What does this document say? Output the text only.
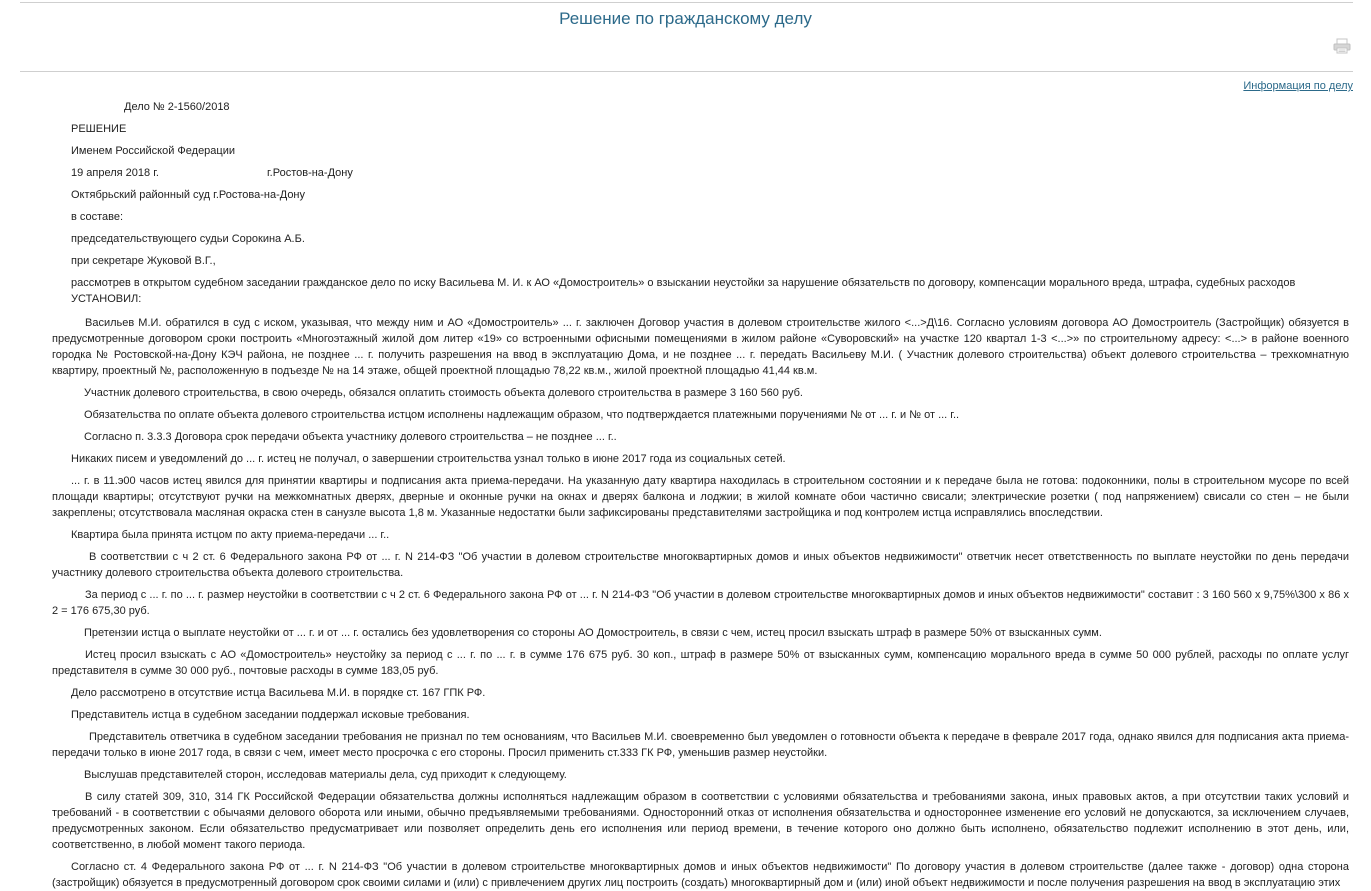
Решение по гражданскому делу
Информация по делу

Дело № 2-1560/2018

РЕШЕНИЕ

Именем Российской Федерации

19 апреля 2018 г.	г.Ростов-на-Дону

Октябрьский районный суд г.Ростова-на-Дону

в составе:

председательствующего судьи Сорокина А.Б.

при секретаре Жуковой В.Г.,

рассмотрев в открытом судебном заседании гражданское дело по иску Васильева М. И. к АО «Домостроитель» о взыскании неустойки за нарушение обязательств по договору, компенсации морального вреда, штрафа, судебных расходов

УСТАНОВИЛ:

Васильев М.И. обратился в суд с иском, указывая, что между ним и АО «Домостроитель» ... г. заключен Договор участия в долевом строительстве жилого <...>Д\16. Согласно условиям договора АО Домостроитель (Застройщик) обязуется в предусмотренные договором сроки построить «Многоэтажный жилой дом литер «19» со встроенными офисными помещениями в жилом районе «Суворовский» на участке 120 квартал 1-3 <...>» по строительному адресу: <...> в районе военного городка № Ростовской-на-Дону КЭЧ района, не позднее ... г. получить разрешения на ввод в эксплуатацию Дома, и не позднее ... г. передать Васильеву М.И. ( Участник долевого строительства) объект долевого строительства – трехкомнатную квартиру, проектный №, расположенную в подъезде № на 14 этаже, общей проектной площадью 78,22 кв.м., жилой проектной площадью 41,44 кв.м.

Участник долевого строительства, в свою очередь, обязался оплатить стоимость объекта долевого строительства в размере 3 160 560 руб.

Обязательства по оплате объекта долевого строительства истцом исполнены надлежащим образом, что подтверждается платежными поручениями № от ... г. и № от ... г..

Согласно п. 3.3.3 Договора срок передачи объекта участнику долевого строительства – не позднее ... г..

Никаких писем и уведомлений до ... г. истец не получал, о завершении строительства узнал только в июне 2017 года из социальных сетей.

... г. в 11.э00 часов истец явился для принятии квартиры и подписания акта приема-передачи. На указанную дату квартира находилась в строительном состоянии и к передаче была не готова: подоконники, полы в строительном мусоре по всей площади квартиры; отсутствуют ручки на межкомнатных дверях, дверные и оконные ручки на окнах и дверях балкона и лоджии; в жилой комнате обои частично свисали; электрические розетки ( под напряжением) свисали со стен – не были закреплены; отсутствовала масляная окраска стен в санузле высота 1,8 м. Указанные недостатки были зафиксированы представителями застройщика и под контролем истца исправлялись впоследствии.

Квартира была принята истцом по акту приема-передачи ... г..

В соответствии с ч 2 ст. 6 Федерального закона РФ от ... г. N 214-ФЗ "Об участии в долевом строительстве многоквартирных домов и иных объектов недвижимости" ответчик несет ответственность по выплате неустойки по день передачи участнику долевого строительства объекта долевого строительства.

За период с ... г. по ... г. размер неустойки в соответствии с ч 2 ст. 6 Федерального закона РФ от ... г. N 214-ФЗ "Об участии в долевом строительстве многоквартирных домов и иных объектов недвижимости" составит : 3 160 560 х 9,75%\300 х 86 х 2 = 176 675,30 руб.

Претензии истца о выплате неустойки от ... г. и от ... г. остались без удовлетворения со стороны АО Домостроитель, в связи с чем, истец просил взыскать штраф в размере 50% от взысканных сумм.

Истец просил взыскать с АО «Домостроитель» неустойку за период с ... г. по ... г. в сумме 176 675 руб. 30 коп., штраф в размере 50% от взысканных сумм, компенсацию морального вреда в сумме 50 000 рублей, расходы по оплате услуг представителя в сумме 30 000 руб., почтовые расходы в сумме 183,05 руб.

Дело рассмотрено в отсутствие истца Васильева М.И. в порядке ст. 167 ГПК РФ.

Представитель истца в судебном заседании поддержал исковые требования.

Представитель ответчика в судебном заседании требования не признал по тем основаниям, что Васильев М.И. своевременно был уведомлен о готовности объекта к передаче в феврале 2017 года, однако явился для подписания акта приема-передачи только в июне 2017 года, в связи с чем, имеет место просрочка с его стороны. Просил применить ст.333 ГК РФ, уменьшив размер неустойки.

Выслушав представителей сторон, исследовав материалы дела, суд приходит к следующему.

В силу статей 309, 310, 314 ГК Российской Федерации обязательства должны исполняться надлежащим образом в соответствии с условиями обязательства и требованиями закона, иных правовых актов, а при отсутствии таких условий и требований - в соответствии с обычаями делового оборота или иными, обычно предъявляемыми требованиями. Односторонний отказ от исполнения обязательства и одностороннее изменение его условий не допускаются, за исключением случаев, предусмотренных законом. Если обязательство предусматривает или позволяет определить день его исполнения или период времени, в течение которого оно должно быть исполнено, обязательство подлежит исполнению в этот день, или, соответственно, в любой момент такого периода.

Согласно ст. 4 Федерального закона РФ от ... г. N 214-ФЗ "Об участии в долевом строительстве многоквартирных домов и иных объектов недвижимости" По договору участия в долевом строительстве (далее также - договор) одна сторона (застройщик) обязуется в предусмотренный договором срок своими силами и (или) с привлечением других лиц построить (создать) многоквартирный дом и (или) иной объект недвижимости и после получения разрешения на ввод в эксплуатацию этих
